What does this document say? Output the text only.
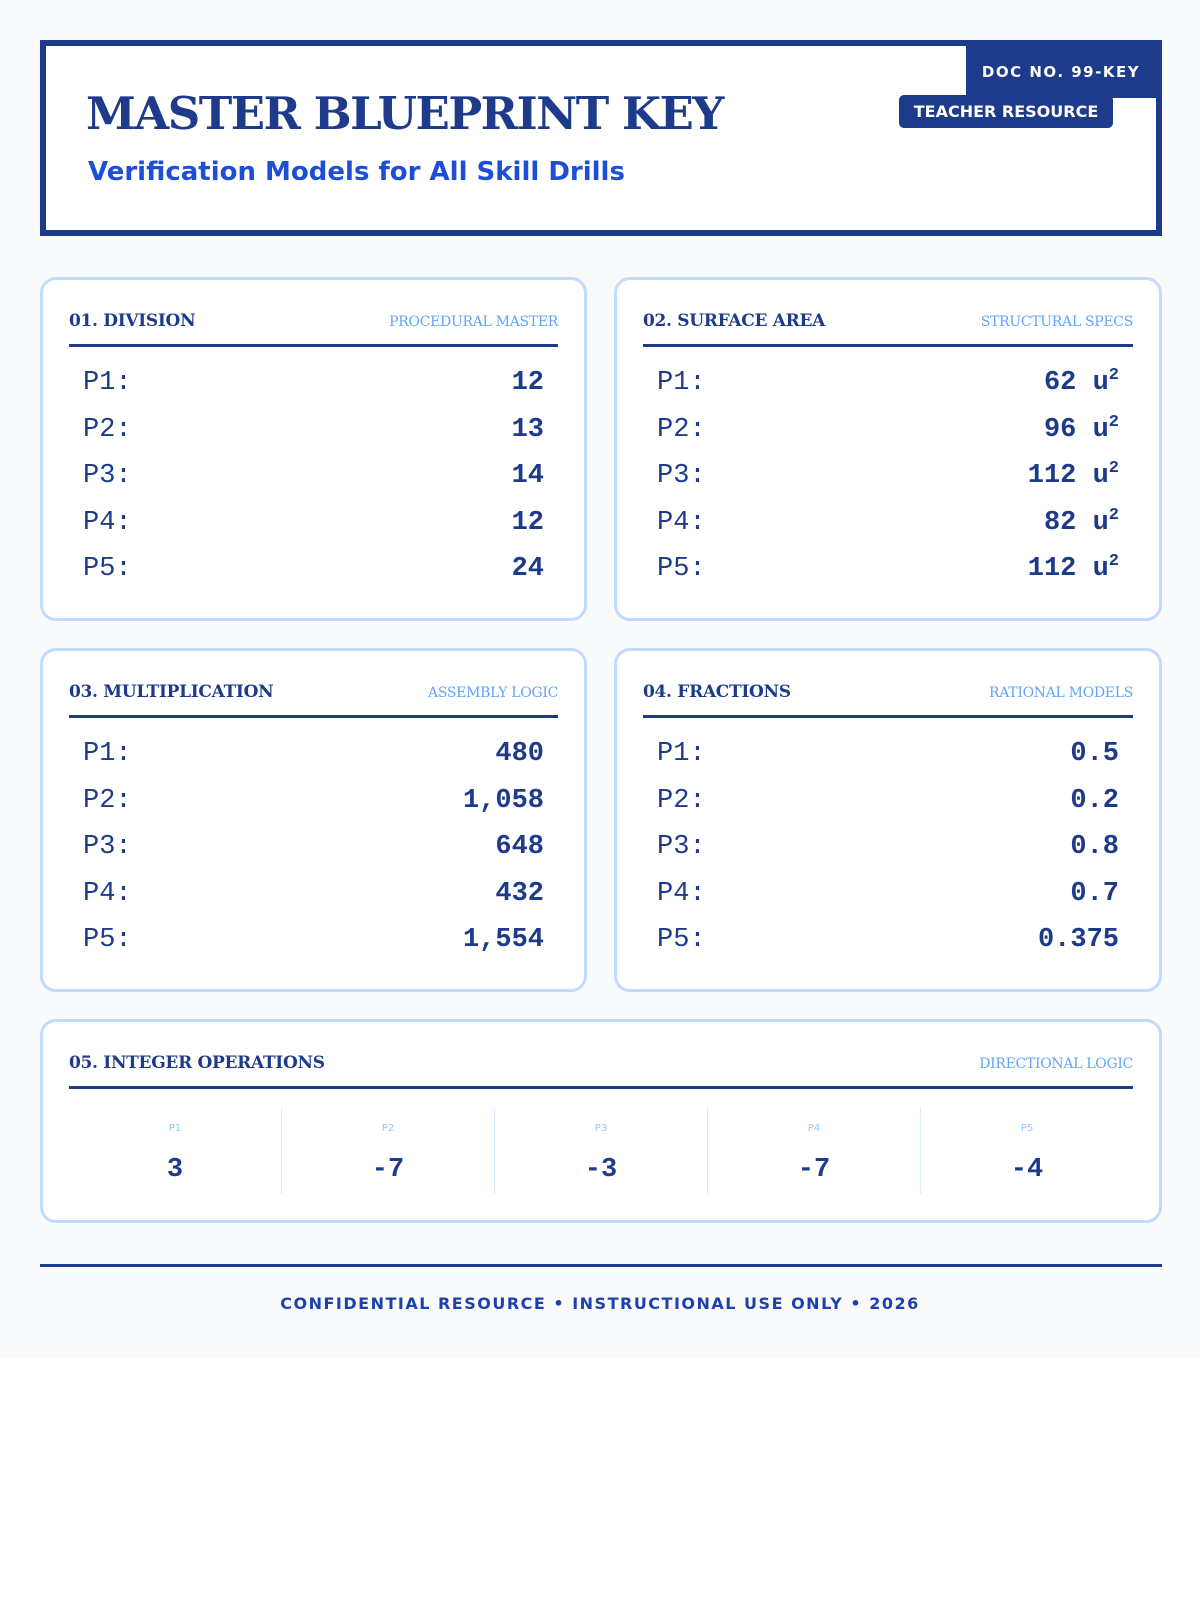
DOC NO. 99-KEY
TEACHER RESOURCE
MASTER BLUEPRINT KEY
Verification Models for All Skill Drills
01. DIVISION	PROCEDURAL MASTER
P1:	12
P2:	13
P3:	14
P4:	12
P5:	24
02. SURFACE AREA	STRUCTURAL SPECS
P1:	62 $u^2$
P2:	96 $u^2$
P3:	112 $u^2$
P4:	82 $u^2$
P5:	112 $u^2$
03. MULTIPLICATION	ASSEMBLY LOGIC
P1:	480
P2:	1,058
P3:	648
P4:	432
P5:	1,554
04. FRACTIONS	RATIONAL MODELS
P1:	0.5
P2:	0.2
P3:	0.8
P4:	0.7
P5:	0.375
05. INTEGER OPERATIONS	DIRECTIONAL LOGIC
P1
3
P2
-7
P3
-3
P4
-7
P5
-4
CONFIDENTIAL RESOURCE • INSTRUCTIONAL USE ONLY • 2026
